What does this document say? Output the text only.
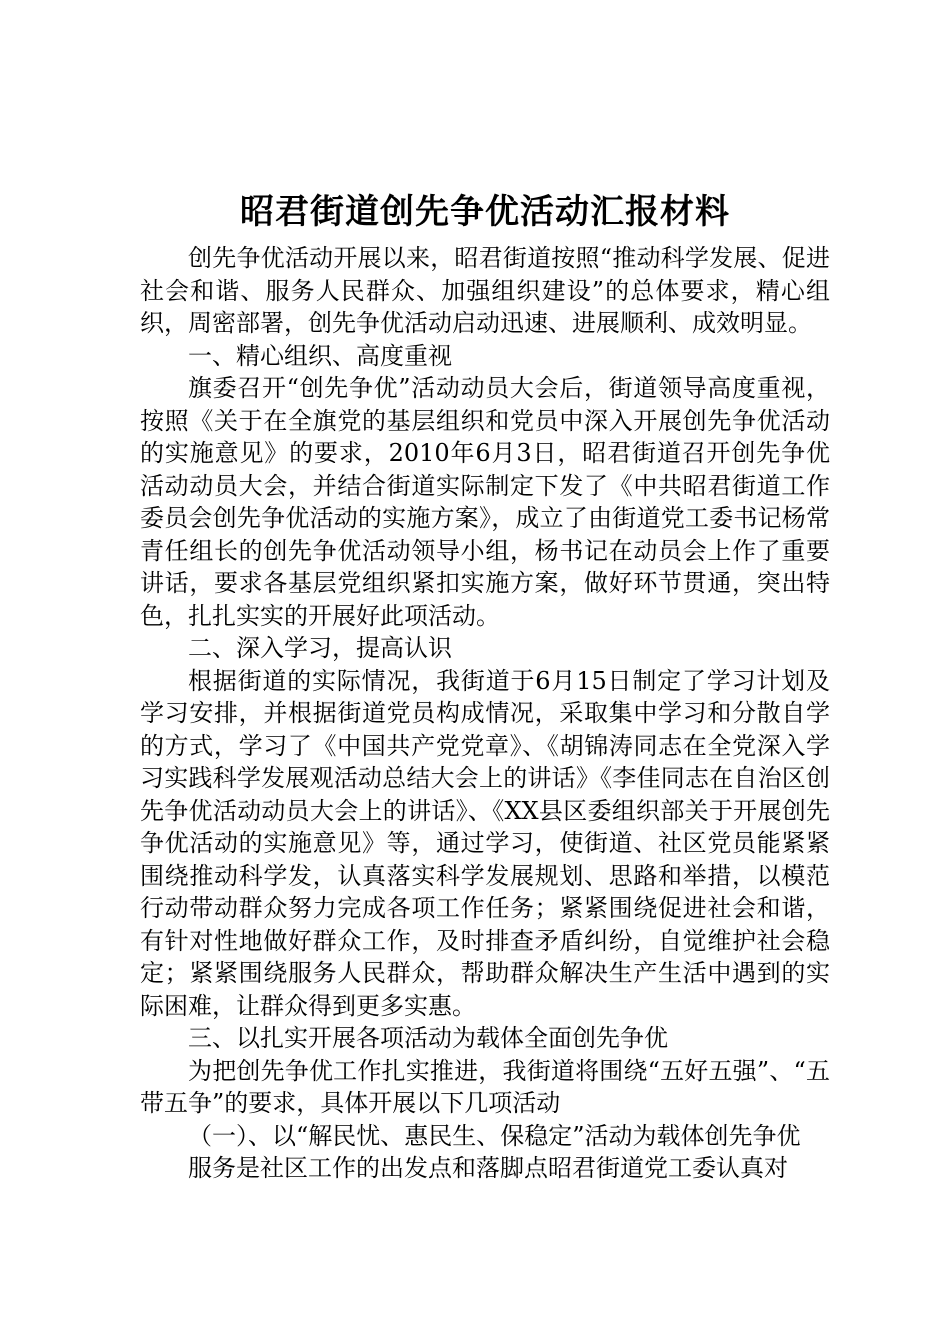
昭君街道创先争优活动汇报材料

创先争优活动开展以来，昭君街道按照“推动科学发展、促进社会和谐、服务人民群众、加强组织建设”的总体要求，精心组织，周密部署，创先争优活动启动迅速、进展顺利、成效明显。

一、精心组织、高度重视

旗委召开“创先争优”活动动员大会后，街道领导高度重视，按照《关于在全旗党的基层组织和党员中深入开展创先争优活动的实施意见》的要求，2010年6月3日，昭君街道召开创先争优活动动员大会，并结合街道实际制定下发了《中共昭君街道工作委员会创先争优活动的实施方案》，成立了由街道党工委书记杨常青任组长的创先争优活动领导小组，杨书记在动员会上作了重要讲话，要求各基层党组织紧扣实施方案，做好环节贯通，突出特色，扎扎实实的开展好此项活动。

二、深入学习，提高认识

根据街道的实际情况，我街道于6月15日制定了学习计划及学习安排，并根据街道党员构成情况，采取集中学习和分散自学的方式，学习了《中国共产党党章》、《胡锦涛同志在全党深入学习实践科学发展观活动总结大会上的讲话》《李佳同志在自治区创先争优活动动员大会上的讲话》、《XX县区委组织部关于开展创先争优活动的实施意见》等，通过学习，使街道、社区党员能紧紧围绕推动科学发，认真落实科学发展规划、思路和举措，以模范行动带动群众努力完成各项工作任务；紧紧围绕促进社会和谐，有针对性地做好群众工作，及时排查矛盾纠纷，自觉维护社会稳定；紧紧围绕服务人民群众，帮助群众解决生产生活中遇到的实际困难，让群众得到更多实惠。

三、以扎实开展各项活动为载体全面创先争优

为把创先争优工作扎实推进，我街道将围绕“五好五强”、“五带五争”的要求，具体开展以下几项活动

（一）、以“解民忧、惠民生、保稳定”活动为载体创先争优

服务是社区工作的出发点和落脚点昭君街道党工委认真对
